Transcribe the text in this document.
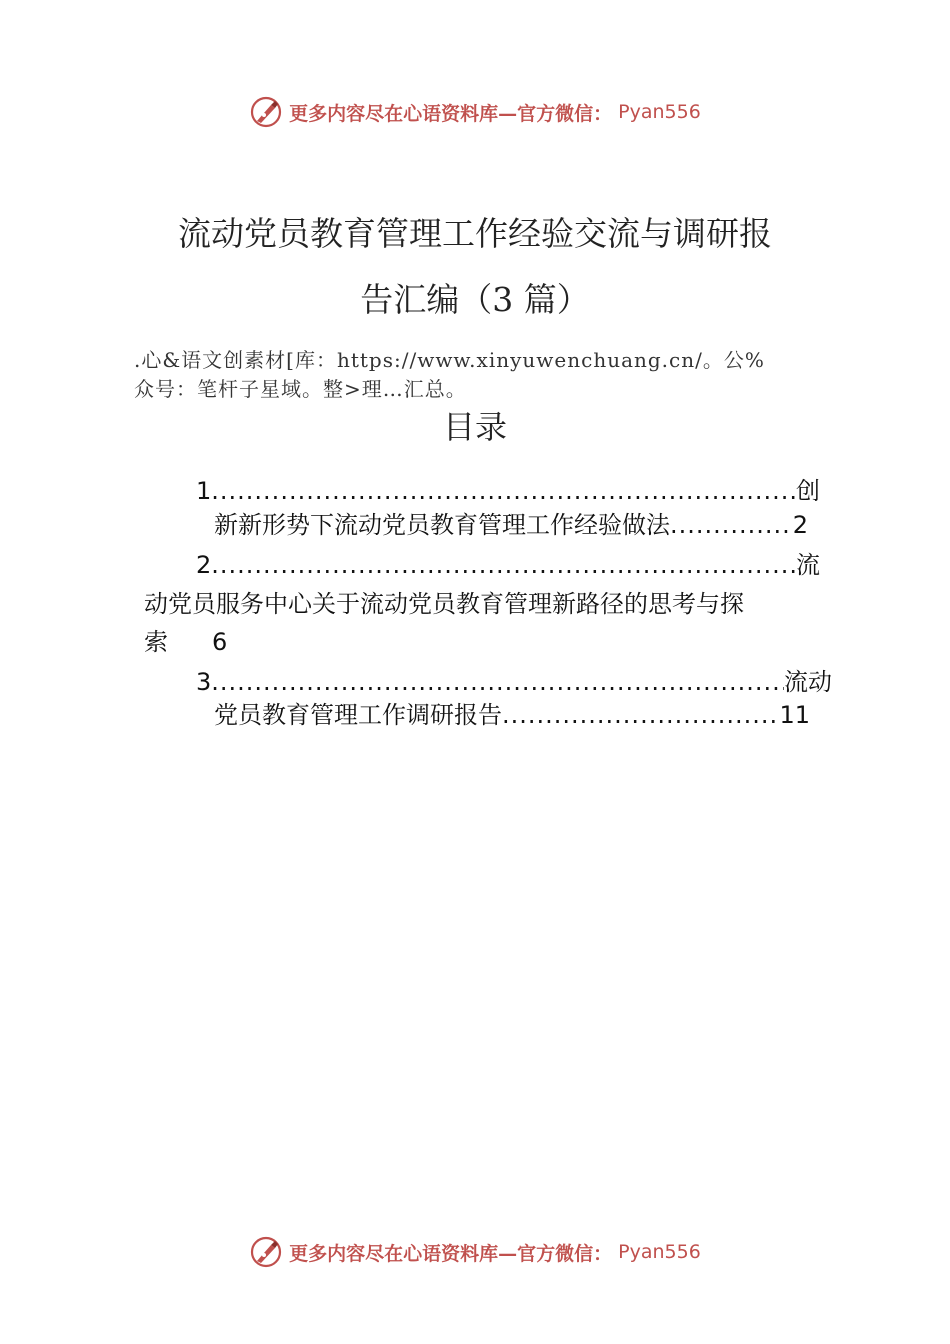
更多内容尽在心语资料库—官方微信： Pyan556
流动党员教育管理工作经验交流与调研报
告汇编（3 篇）
.心&语文创素材[库：https://www.xinyuwenchuang.cn/。公%
众号：笔杆子星域。整>理…汇总。
目录
1 .....	创
新新形势下流动党员教育管理工作经验做法 .....	2
2 .....	流
动党员服务中心关于流动党员教育管理新路径的思考与探
索 6
3 .....	流动
党员教育管理工作调研报告 .....	11
更多内容尽在心语资料库—官方微信： Pyan556
